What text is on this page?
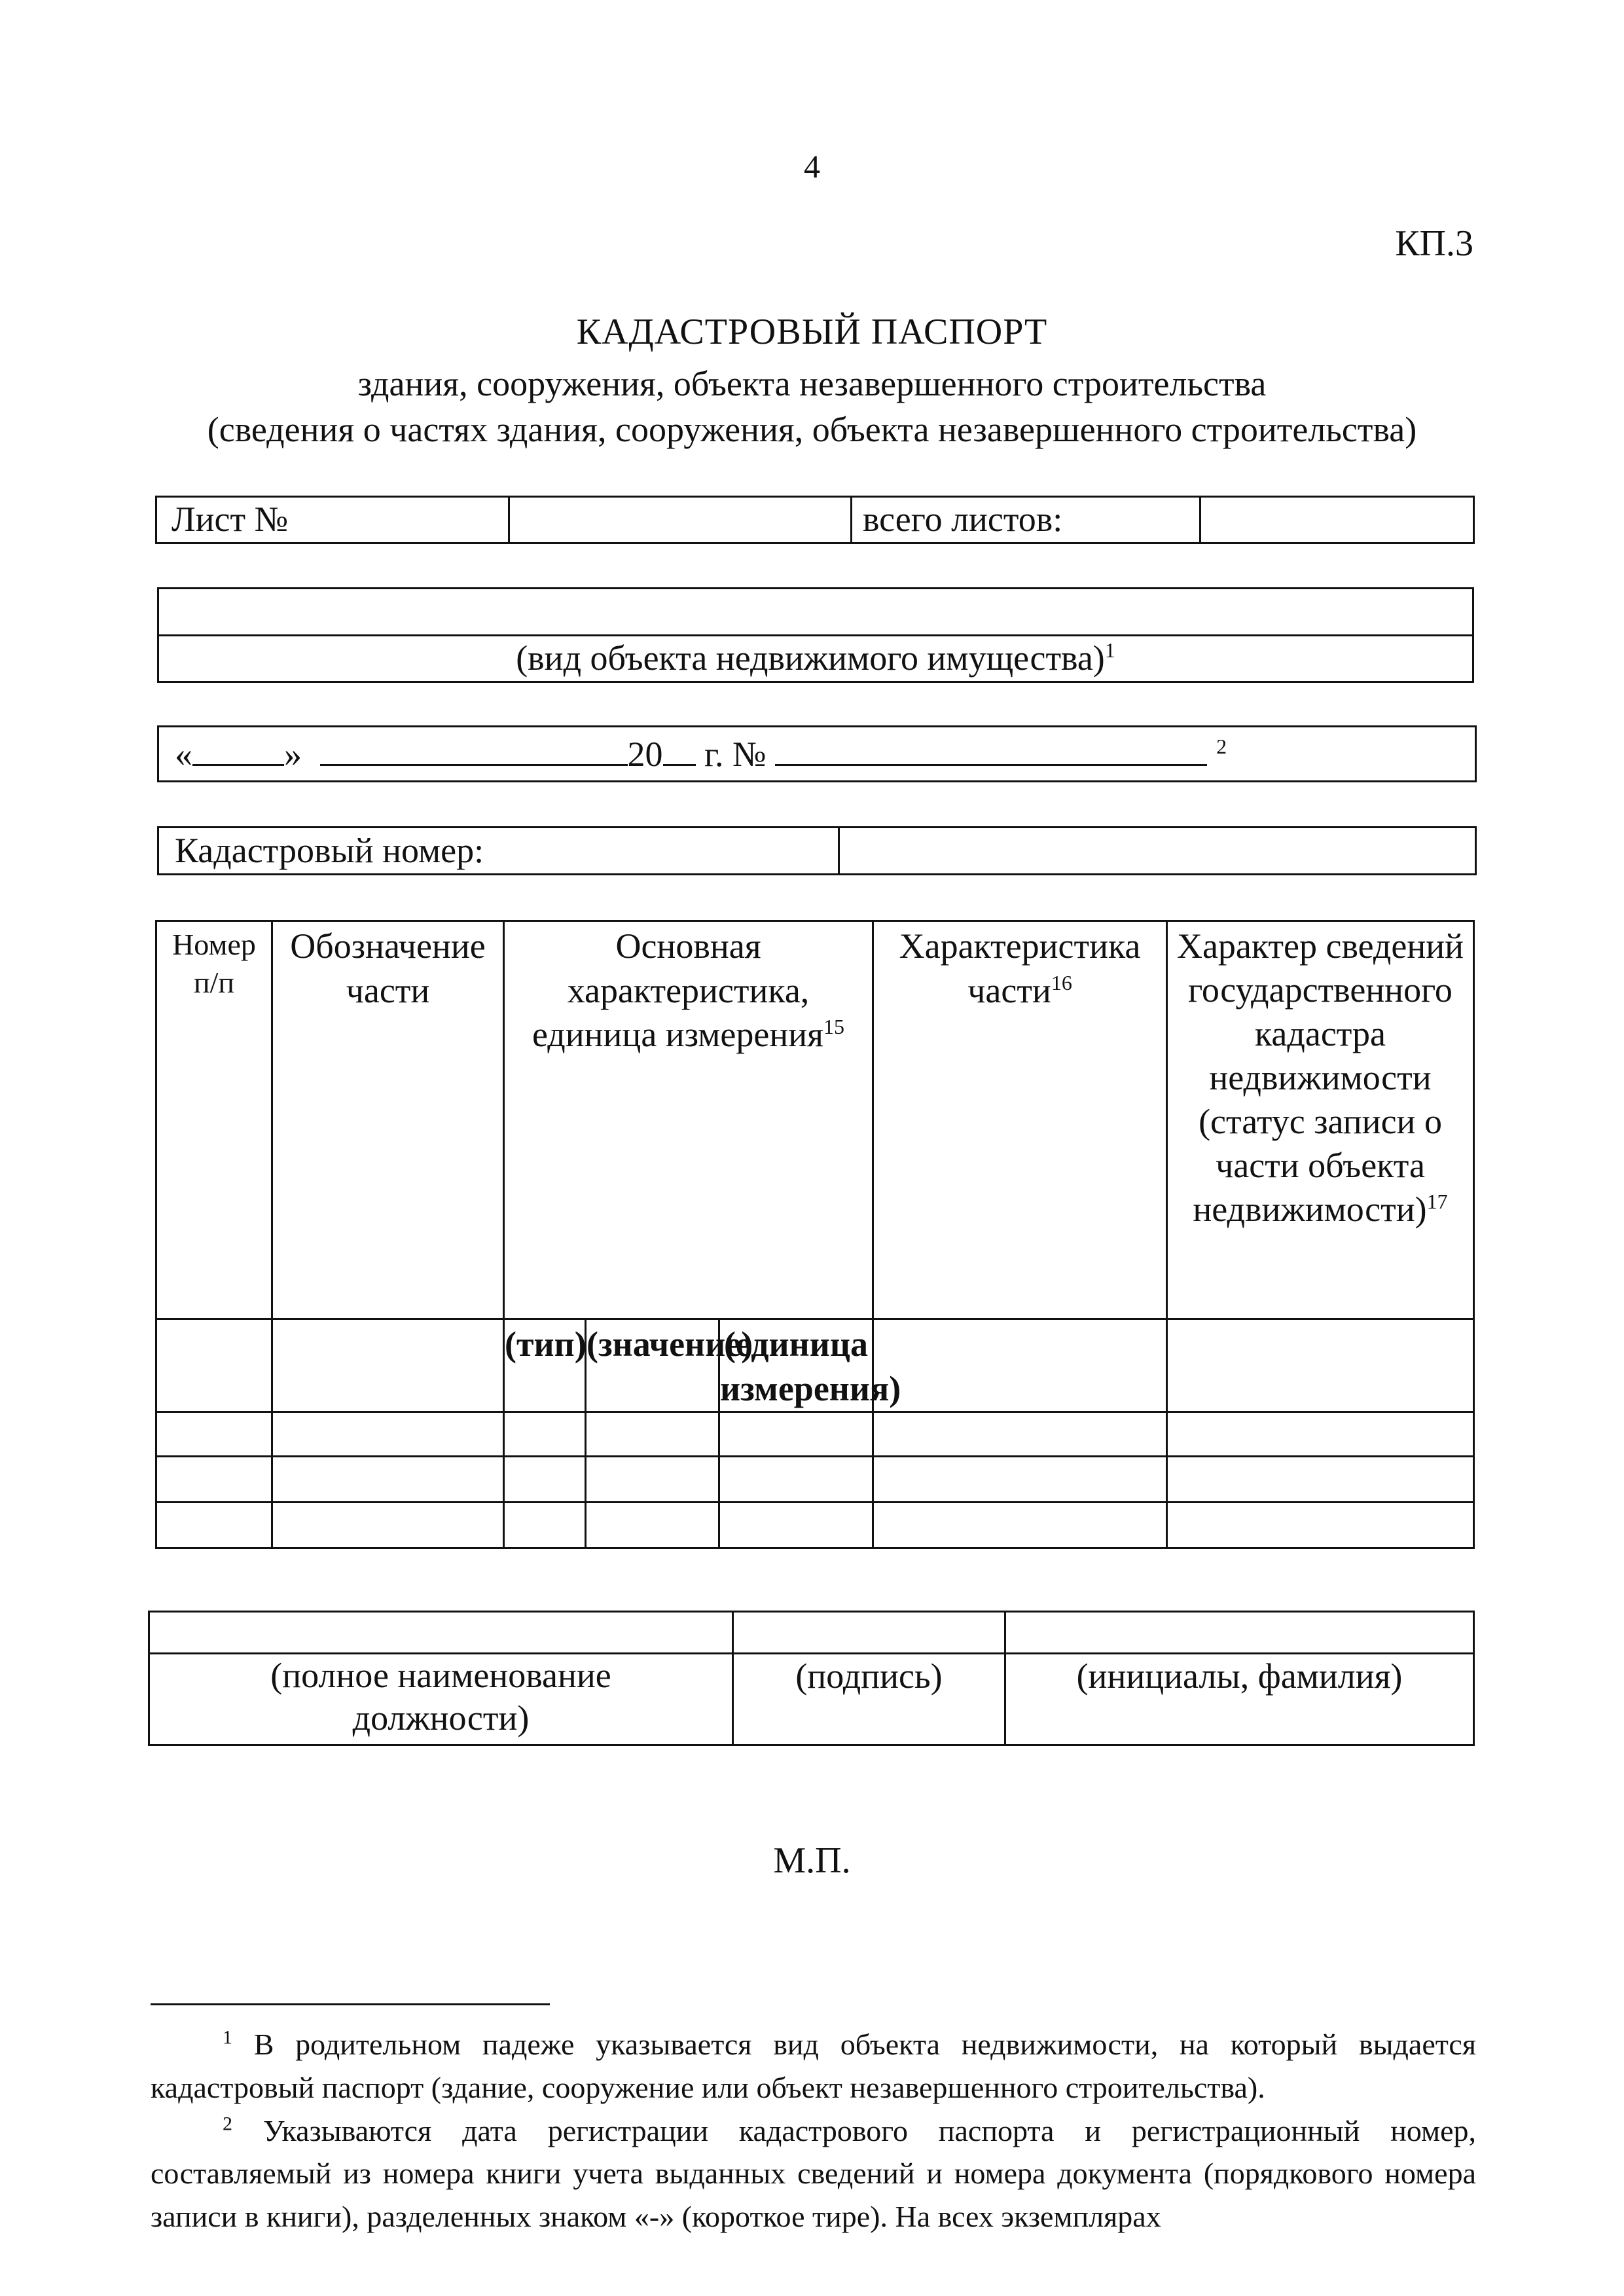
4
КП.3
КАДАСТРОВЫЙ ПАСПОРТ
здания, сооружения, объекта незавершенного строительства
(сведения о частях здания, сооружения, объекта незавершенного строительства)
Лист №		всего листов:	

(вид объекта недвижимого имущества)$^1$
«	»	20 г. №	$^2$
Кадастровый номер:	
Номер п/п	Обозначение части	Основная характеристика, единица измерения$^{15}$			Характеристика части$^{16}$	Характер сведений государственного кадастра недвижимости (статус записи о части объекта недвижимости)$^{17}$
		(тип)	(значение)	(единица измерения)		

(полное наименование должности)	(подпись)	(инициалы, фамилия)
М.П.

$^1$ В родительном падеже указывается вид объекта недвижимости, на который выдается кадастровый паспорт (здание, сооружение или объект незавершенного строительства).

$^2$ Указываются дата регистрации кадастрового паспорта и регистрационный номер, составляемый из номера книги учета выданных сведений и номера документа (порядкового номера записи в книги), разделенных знаком «-» (короткое тире). На всех экземплярах
